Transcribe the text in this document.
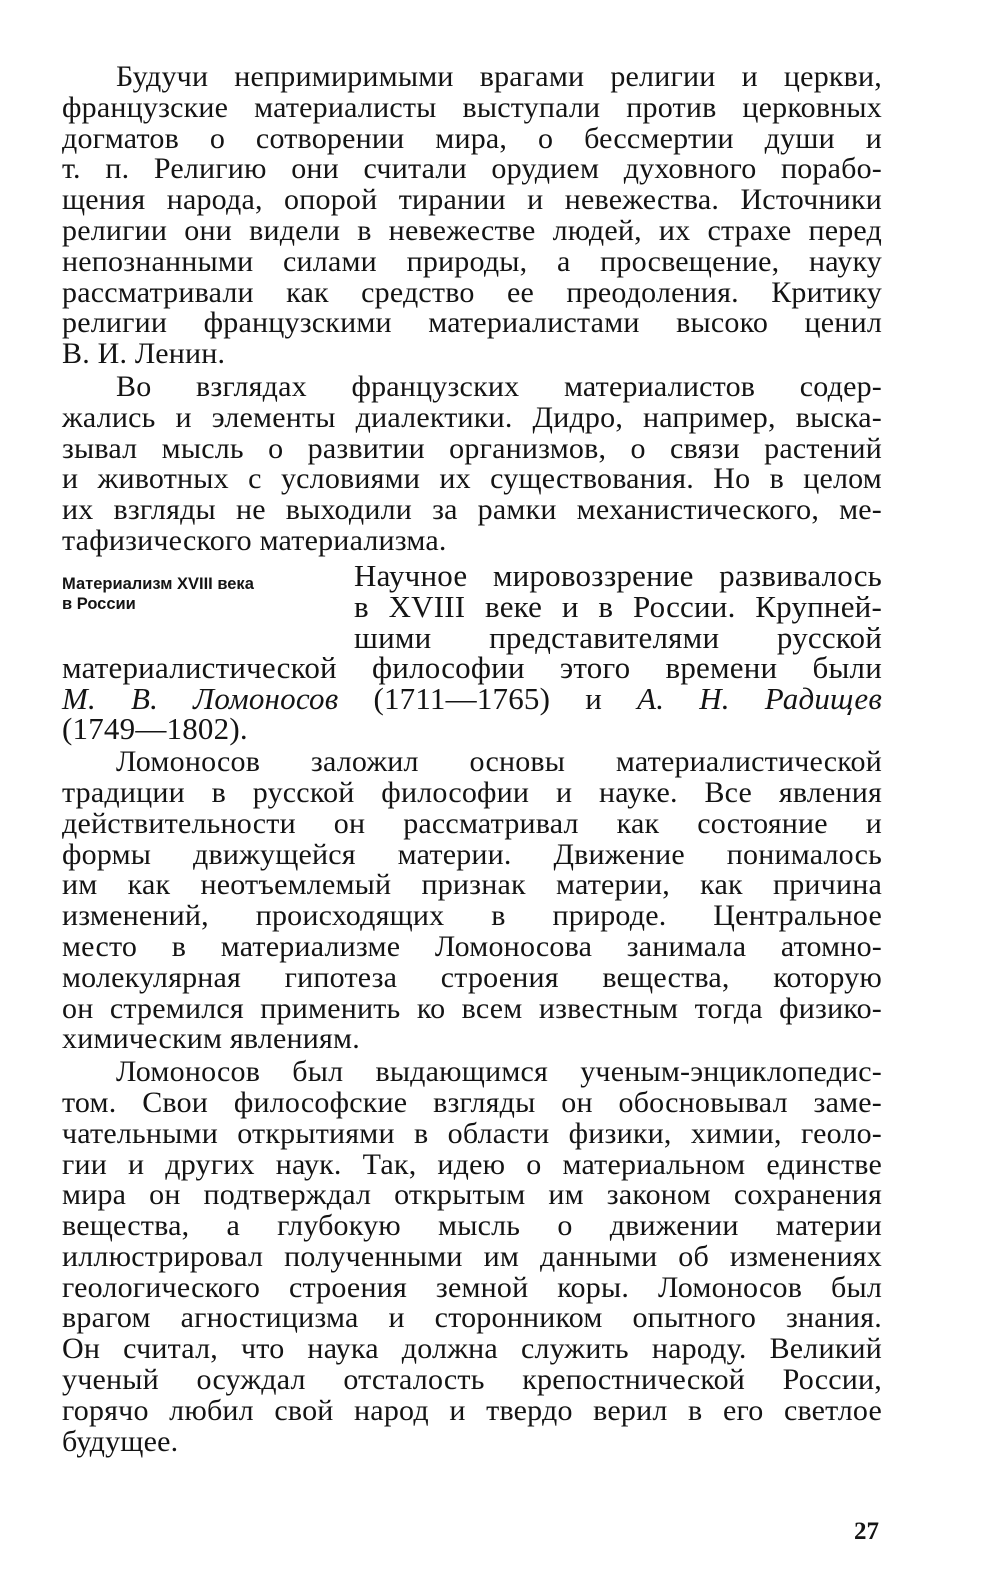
Будучи непримиримыми врагами религии и церкви,
французские материалисты выступали против церковных
догматов о сотворении мира, о бессмертии души и
т. п. Религию они считали орудием духовного порабо-
щения народа, опорой тирании и невежества. Источники
религии они видели в невежестве людей, их страхе перед
непознанными силами природы, а просвещение, науку
рассматривали как средство ее преодоления. Критику
религии французскими материалистами высоко ценил
В. И. Ленин.
Во взглядах французских материалистов содер-
жались и элементы диалектики. Дидро, например, выска-
зывал мысль о развитии организмов, о связи растений
и животных с условиями их существования. Но в целом
их взгляды не выходили за рамки механистического, ме-
тафизического материализма.
Материализм XVIII века
в России
Научное мировоззрение развивалось
в XVIII веке и в России. Крупней-
шими представителями русской
материалистической философии этого времени были
М. В. Ломоносов (1711—1765) и А. Н. Радищев
(1749—1802).
Ломоносов заложил основы материалистической
традиции в русской философии и науке. Все явления
действительности он рассматривал как состояние и
формы движущейся материи. Движение понималось
им как неотъемлемый признак материи, как причина
изменений, происходящих в природе. Центральное
место в материализме Ломоносова занимала атомно-
молекулярная гипотеза строения вещества, которую
он стремился применить ко всем известным тогда физико-
химическим явлениям.
Ломоносов был выдающимся ученым-энциклопедис-
том. Свои философские взгляды он обосновывал заме-
чательными открытиями в области физики, химии, геоло-
гии и других наук. Так, идею о материальном единстве
мира он подтверждал открытым им законом сохранения
вещества, а глубокую мысль о движении материи
иллюстрировал полученными им данными об изменениях
геологического строения земной коры. Ломоносов был
врагом агностицизма и сторонником опытного знания.
Он считал, что наука должна служить народу. Великий
ученый осуждал отсталость крепостнической России,
горячо любил свой народ и твердо верил в его светлое
будущее.
27
